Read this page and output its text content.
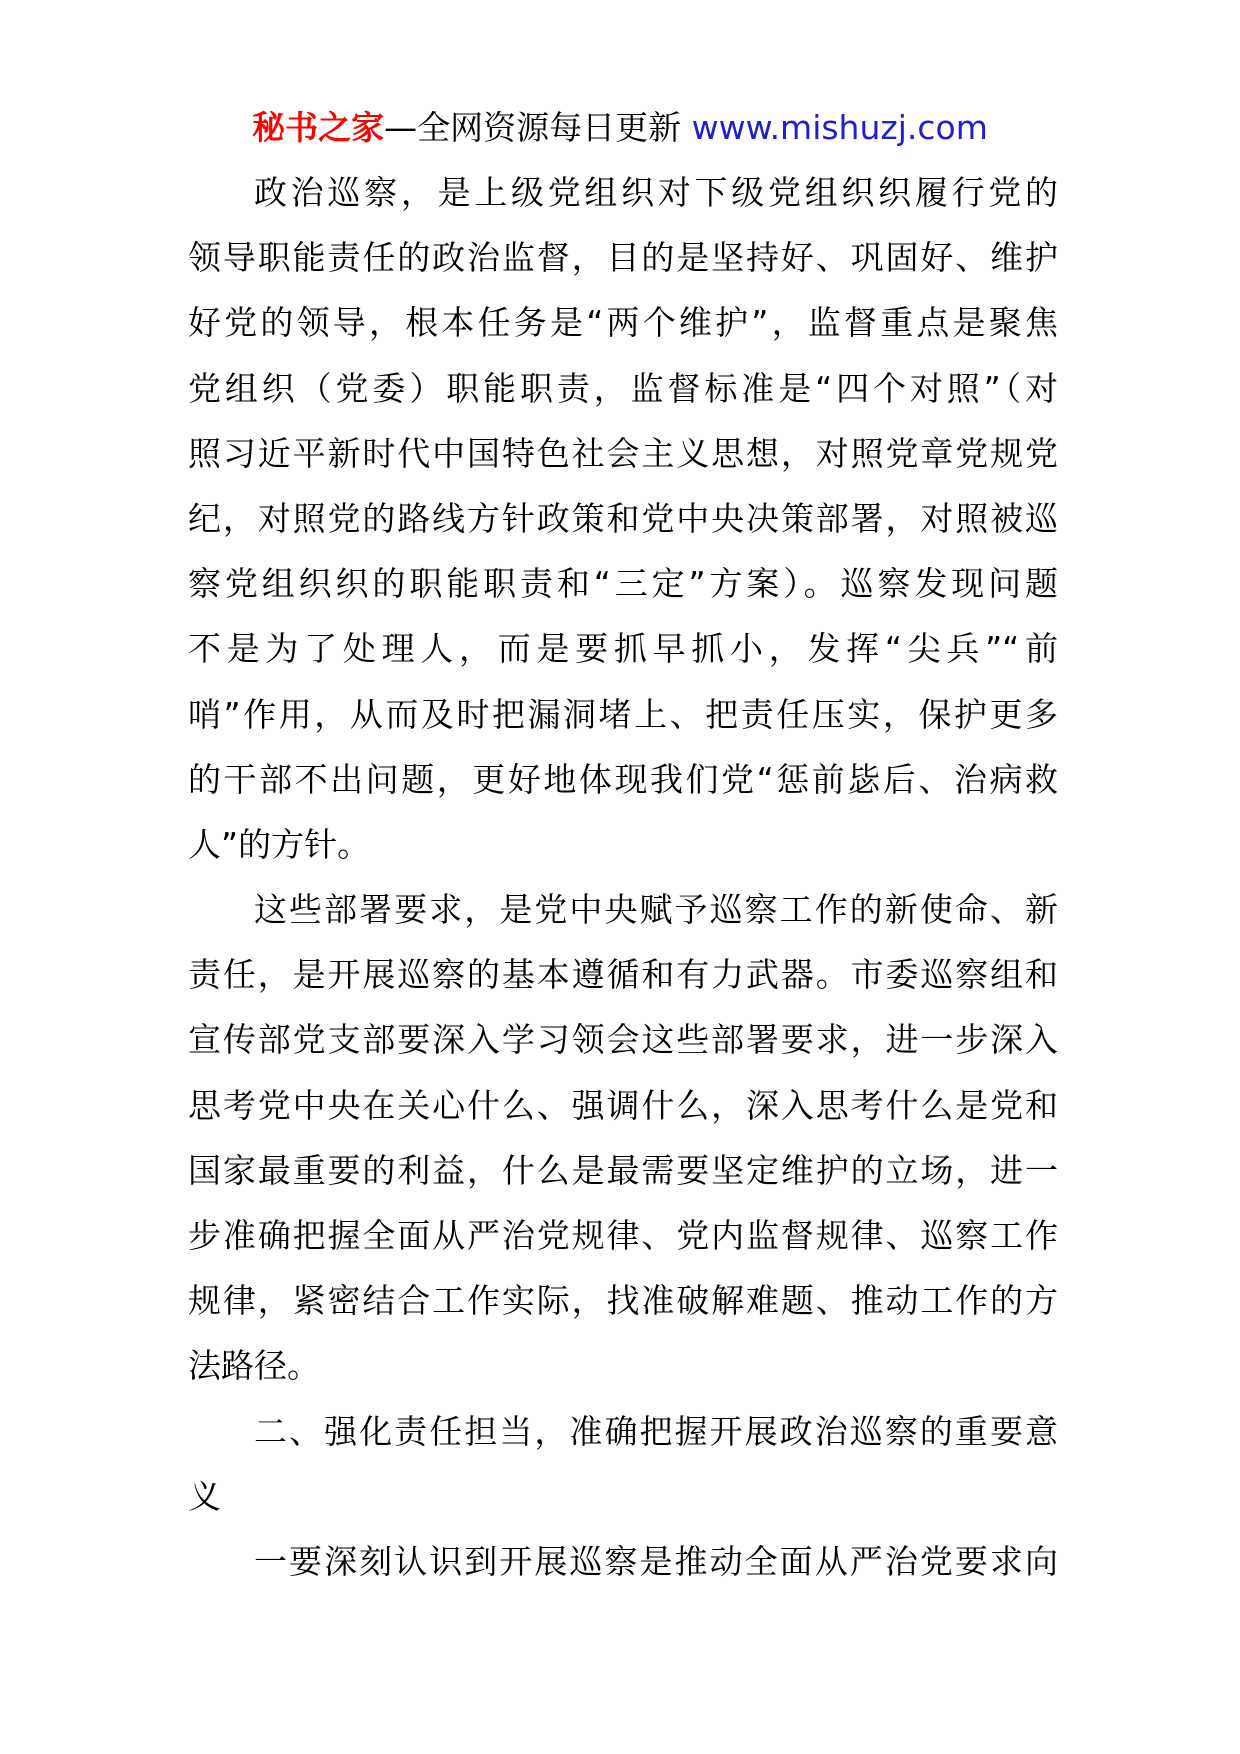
秘书之家—全网资源每日更新 www.mishuzj.com
政治巡察，是上级党组织对下级党组织织履行党的
领导职能责任的政治监督，目的是坚持好、巩固好、维护
好党的领导，根本任务是“两个维护”，监督重点是聚焦
党组织（党委）职能职责，监督标准是“四个对照”（对
照习近平新时代中国特色社会主义思想，对照党章党规党
纪，对照党的路线方针政策和党中央决策部署，对照被巡
察党组织织的职能职责和“三定”方案）。巡察发现问题
不是为了处理人，而是要抓早抓小，发挥“尖兵”“前
哨”作用，从而及时把漏洞堵上、把责任压实，保护更多
的干部不出问题，更好地体现我们党“惩前毖后、治病救
人”的方针。
这些部署要求，是党中央赋予巡察工作的新使命、新
责任，是开展巡察的基本遵循和有力武器。市委巡察组和
宣传部党支部要深入学习领会这些部署要求，进一步深入
思考党中央在关心什么、强调什么，深入思考什么是党和
国家最重要的利益，什么是最需要坚定维护的立场，进一
步准确把握全面从严治党规律、党内监督规律、巡察工作
规律，紧密结合工作实际，找准破解难题、推动工作的方
法路径。
二、强化责任担当，准确把握开展政治巡察的重要意
义
一要深刻认识到开展巡察是推动全面从严治党要求向
